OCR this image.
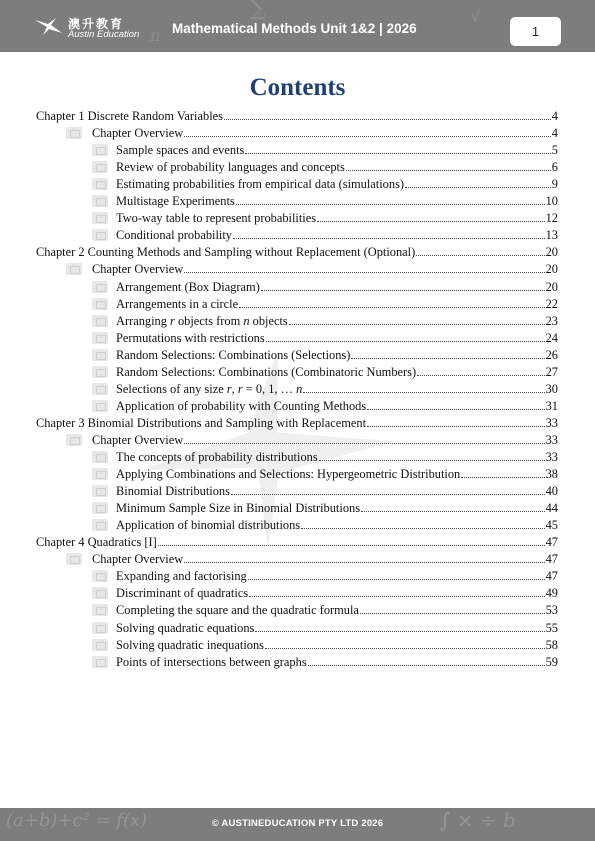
∑	√
π
澳升教育
Austin Education Mathematical Methods Unit 1&2 | 2026	1
Contents
Chapter 1 Discrete Random Variables	4
Chapter Overview	4
Sample spaces and events	5
Review of probability languages and concepts	6
Estimating probabilities from empirical data (simulations)	9
Multistage Experiments	10
Two-way table to represent probabilities	12
Conditional probability	13
Chapter 2 Counting Methods and Sampling without Replacement (Optional)	20
Chapter Overview	20
Arrangement (Box Diagram)	20
Arrangements in a circle	22
Arranging r objects from n objects	23
Permutations with restrictions	24
Random Selections: Combinations (Selections)	26
Random Selections: Combinations (Combinatoric Numbers)	27
Selections of any size r, r = 0, 1, … n	30
Application of probability with Counting Methods	31
Chapter 3 Binomial Distributions and Sampling with Replacement	33
Chapter Overview	33
The concepts of probability distributions	33
Applying Combinations and Selections: Hypergeometric Distribution	38
Binomial Distributions	40
Minimum Sample Size in Binomial Distributions	44
Application of binomial distributions	45
Chapter 4 Quadratics [I]	47
Chapter Overview	47
Expanding and factorising	47
Discriminant of quadratics	49
Completing the square and the quadratic formula	53
Solving quadratic equations	55
Solving quadratic inequations	58
Points of intersections between graphs	59
(a+b)+c² = f(x)	∫ × ÷ b
© AUSTINEDUCATION PTY LTD 2026
